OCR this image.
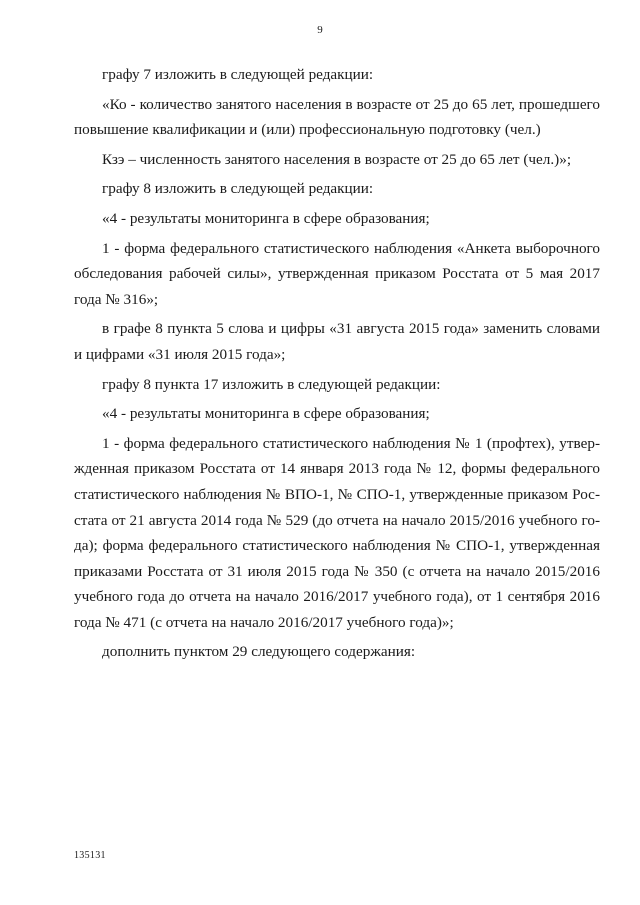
9

графу 7 изложить в следующей редакции:

«Ко - количество занятого населения в возрасте от 25 до 65 лет, прошедшего повышение квалификации и (или) профессиональную подготовку (чел.)

Кзэ – численность занятого населения в возрасте от 25 до 65 лет (чел.)»;

графу 8 изложить в следующей редакции:

«4 - результаты мониторинга в сфере образования;

1 - форма федерального статистического наблюдения «Анкета выборочного обследования рабочей силы», утвержденная приказом Росстата от 5 мая 2017 года № 316»;

в графе 8 пункта 5 слова и цифры «31 августа 2015 года» заменить словами и цифрами «31 июля 2015 года»;

графу 8 пункта 17 изложить в следующей редакции:

«4 - результаты мониторинга в сфере образования;

1 - форма федерального статистического наблюдения № 1 (профтех), утвержденная приказом Росстата от 14 января 2013 года № 12, формы федерального статистического наблюдения № ВПО-1, № СПО-1, утвержденные приказом Росстата от 21 августа 2014 года № 529 (до отчета на начало 2015/2016 учебного года); форма федерального статистического наблюдения № СПО-1, утвержденная приказами Росстата от 31 июля 2015 года № 350 (с отчета на начало 2015/2016 учебного года до отчета на начало 2016/2017 учебного года), от 1 сентября 2016 года № 471 (с отчета на начало 2016/2017 учебного года)»;

дополнить пунктом 29 следующего содержания:

135131
